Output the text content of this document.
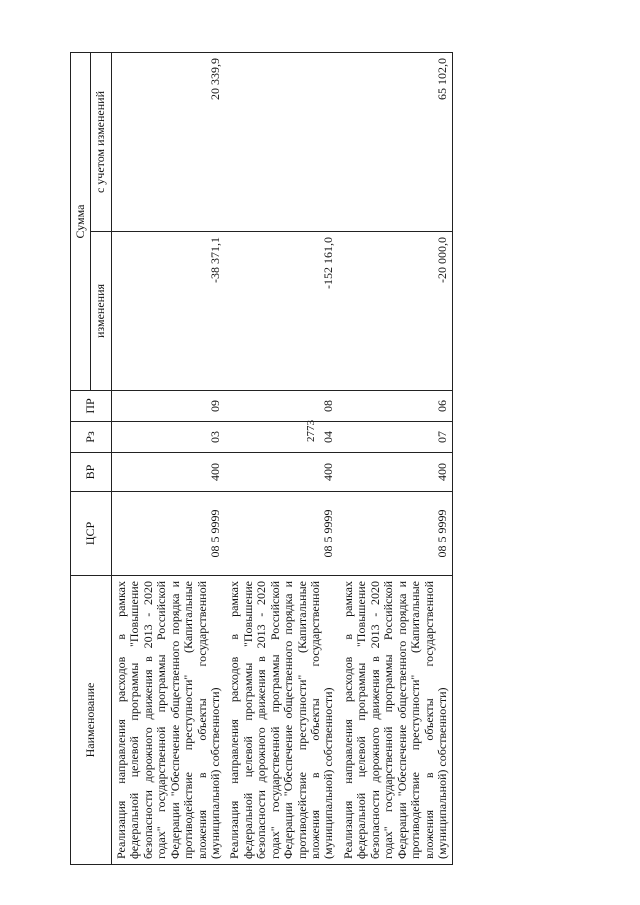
2773
Наименование	ЦСР	ВР	Рз	ПР	Сумма	
					изменения	с учетом изменений
Реализация направления расходов в рамках федеральной целевой программы "Повышение безопасности дорожного движения в 2013 - 2020 годах" государственной программы Российской Федерации "Обеспечение общественного порядка и противодействие преступности" (Капитальные вложения в объекты государственной (муниципальной) собственности)	08 5 9999	400	03	09	-38 371,1	20 339,9
Реализация направления расходов в рамках федеральной целевой программы "Повышение безопасности дорожного движения в 2013 - 2020 годах" государственной программы Российской Федерации "Обеспечение общественного порядка и противодействие преступности" (Капитальные вложения в объекты государственной (муниципальной) собственности)	08 5 9999	400	04	08	-152 161,0	
Реализация направления расходов в рамках федеральной целевой программы "Повышение безопасности дорожного движения в 2013 - 2020 годах" государственной программы Российской Федерации "Обеспечение общественного порядка и противодействие преступности" (Капитальные вложения в объекты государственной (муниципальной) собственности)	08 5 9999	400	07	06	-20 000,0	65 102,0
